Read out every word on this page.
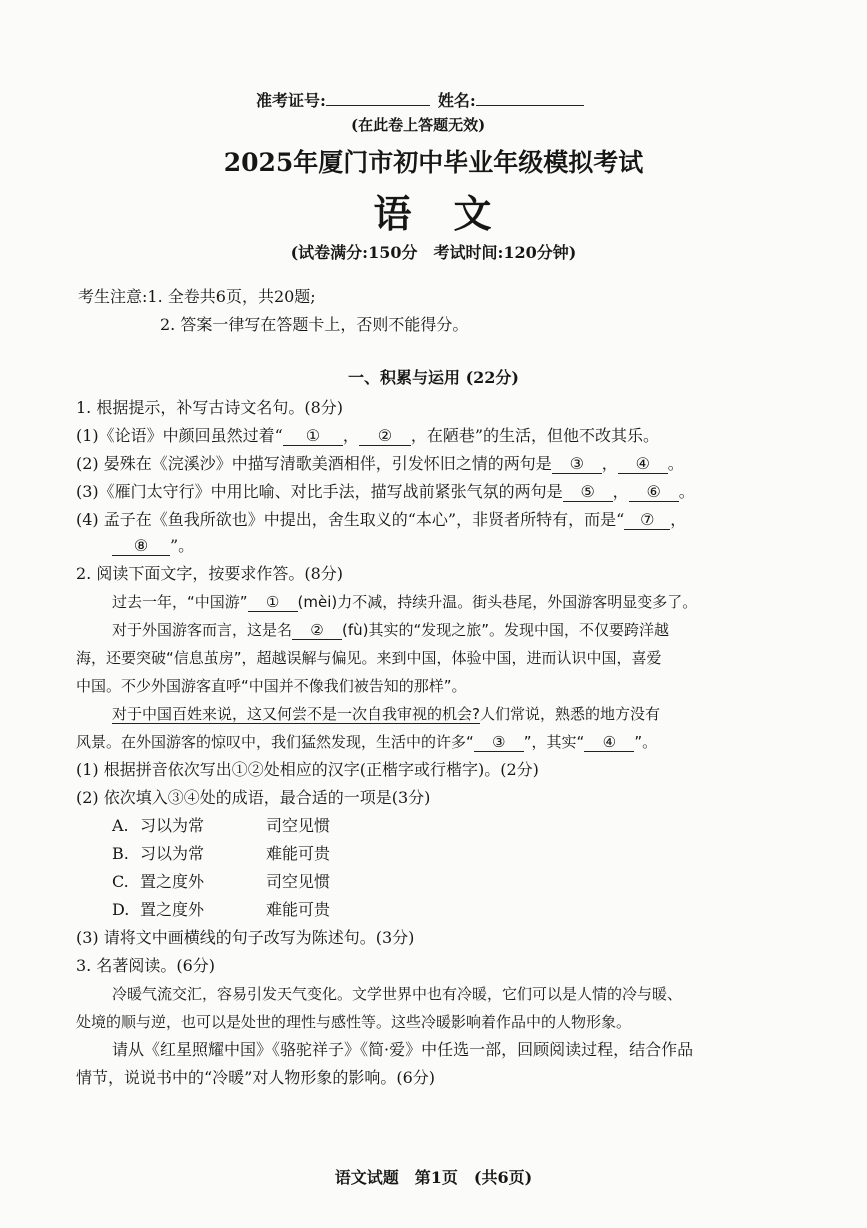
准考证号:	姓名:
(在此卷上答题无效)
2025年厦门市初中毕业年级模拟考试
语　文
(试卷满分:150分　考试时间:120分钟)
考生注意:1. 全卷共6页，共20题;
2. 答案一律写在答题卡上，否则不能得分。
一、积累与运用 (22分)
1. 根据提示，补写古诗文名句。(8分)
(1)《论语》中颜回虽然过着“ ① ， ② ，在陋巷”的生活，但他不改其乐。
(2) 晏殊在《浣溪沙》中描写清歌美酒相伴，引发怀旧之情的两句是 ③ ， ④ 。
(3)《雁门太守行》中用比喻、对比手法，描写战前紧张气氛的两句是 ⑤ ， ⑥ 。
(4) 孟子在《鱼我所欲也》中提出，舍生取义的“本心”，非贤者所特有，而是“ ⑦ ，
⑧ ”。
2. 阅读下面文字，按要求作答。(8分)
过去一年，“中国游” ① (mèi)力不减，持续升温。街头巷尾，外国游客明显变多了。
对于外国游客而言，这是名 ② (fù)其实的“发现之旅”。发现中国，不仅要跨洋越
海，还要突破“信息茧房”，超越误解与偏见。来到中国，体验中国，进而认识中国，喜爱
中国。不少外国游客直呼“中国并不像我们被告知的那样”。
对于中国百姓来说，这又何尝不是一次自我审视的机会?人们常说，熟悉的地方没有
风景。在外国游客的惊叹中，我们猛然发现，生活中的许多“ ③ ”，其实“ ④ ”。
(1) 根据拼音依次写出①②处相应的汉字(正楷字或行楷字)。(2分)
(2) 依次填入③④处的成语，最合适的一项是(3分)
A. 习以为常	司空见惯
B. 习以为常	难能可贵
C. 置之度外	司空见惯
D. 置之度外	难能可贵
(3) 请将文中画横线的句子改写为陈述句。(3分)
3. 名著阅读。(6分)
冷暖气流交汇，容易引发天气变化。文学世界中也有冷暖，它们可以是人情的冷与暖、
处境的顺与逆，也可以是处世的理性与感性等。这些冷暖影响着作品中的人物形象。
请从《红星照耀中国》《骆驼祥子》《简·爱》中任选一部，回顾阅读过程，结合作品
情节，说说书中的“冷暖”对人物形象的影响。(6分)
语文试题　第1页　(共6页)
